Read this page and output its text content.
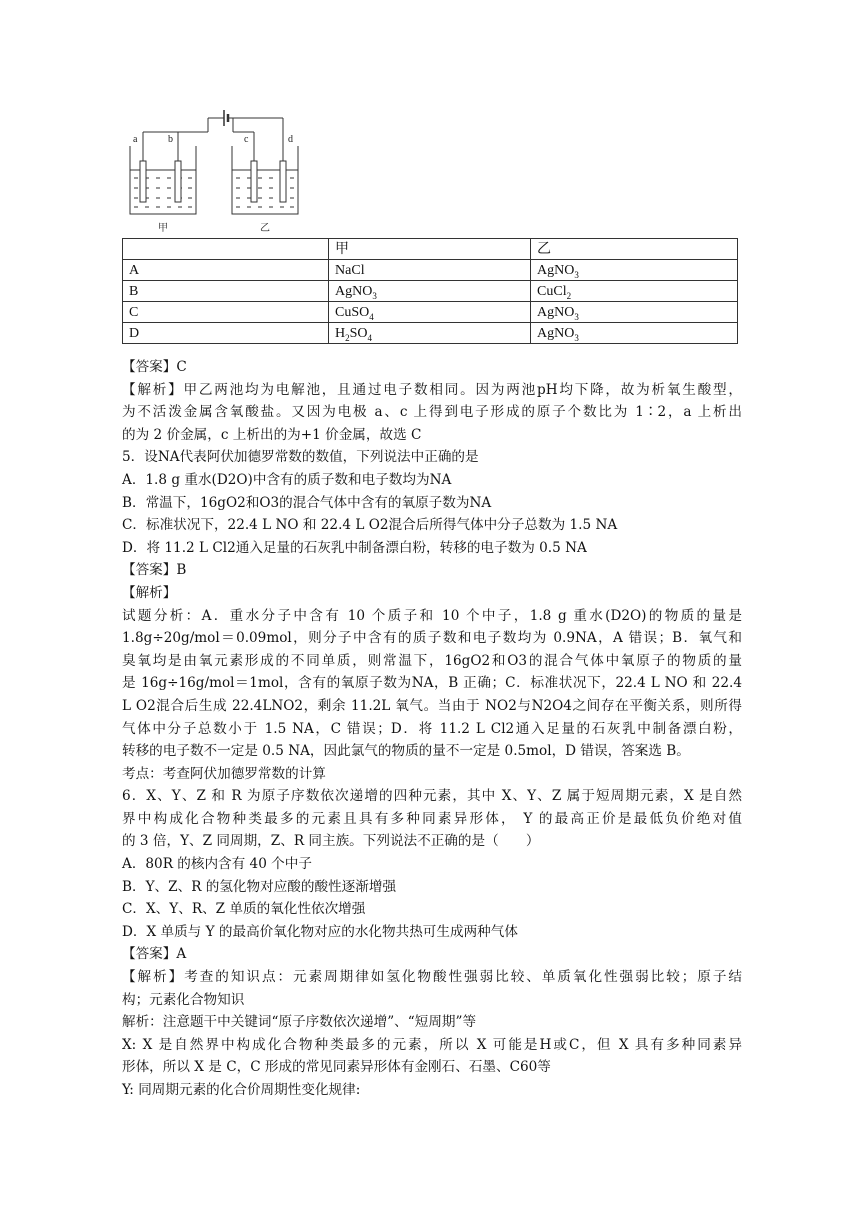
a	b	c	d
甲	乙
	甲	乙
A	NaCl	AgNO$_3$
B	AgNO$_3$	CuCl$_2$
C	CuSO$_4$	AgNO$_3$
D	$H_2SO_4$	AgNO$_3$
【答案】C
【解析】甲乙两池均为电解池，且通过电子数相同。因为两池pH均下降，故为析氧生酸型，
为不活泼金属含氧酸盐。又因为电极 a、c 上得到电子形成的原子个数比为 1∶2，a 上析出
的为 2 价金属，c 上析出的为+1 价金属，故选 C
5．设NA代表阿伏加德罗常数的数值，下列说法中正确的是
A．1.8 g 重水(D2O)中含有的质子数和电子数均为NA
B．常温下，16gO2和O3的混合气体中含有的氧原子数为NA
C．标准状况下，22.4 L NO 和 22.4 L O2混合后所得气体中分子总数为 1.5 NA
D．将 11.2 L Cl2通入足量的石灰乳中制备漂白粉，转移的电子数为 0.5 NA
【答案】B
【解析】
试题分析：A．重水分子中含有 10 个质子和 10 个中子，1.8 g 重水(D2O)的物质的量是
1.8g÷20g/mol＝0.09mol，则分子中含有的质子数和电子数均为 0.9NA，A 错误；B．氧气和
臭氧均是由氧元素形成的不同单质，则常温下，16gO2和O3的混合气体中氧原子的物质的量
是 16g÷16g/mol＝1mol，含有的氧原子数为NA，B 正确；C．标准状况下，22.4 L NO 和 22.4
L O2混合后生成 22.4LNO2，剩余 11.2L 氧气。当由于 NO2与N2O4之间存在平衡关系，则所得
气体中分子总数小于 1.5 NA，C 错误；D．将 11.2 L Cl2通入足量的石灰乳中制备漂白粉，
转移的电子数不一定是 0.5 NA，因此氯气的物质的量不一定是 0.5mol，D 错误，答案选 B。
考点：考查阿伏加德罗常数的计算
6．X、Y、Z 和 R 为原子序数依次递增的四种元素，其中 X、Y、Z 属于短周期元素，X 是自然
界中构成化合物种类最多的元素且具有多种同素异形体， Y 的最高正价是最低负价绝对值
的 3 倍，Y、Z 同周期，Z、R 同主族。下列说法不正确的是（　　）
A．80R 的核内含有 40 个中子
B．Y、Z、R 的氢化物对应酸的酸性逐渐增强
C．X、Y、R、Z 单质的氧化性依次增强
D．X 单质与 Y 的最高价氧化物对应的水化物共热可生成两种气体
【答案】A
【解析】考查的知识点：元素周期律如氢化物酸性强弱比较、单质氧化性强弱比较；原子结
构；元素化合物知识
解析：注意题干中关键词“原子序数依次递增”、“短周期”等
X: X 是自然界中构成化合物种类最多的元素，所以 X 可能是H或C，但 X 具有多种同素异
形体，所以 X 是 C，C 形成的常见同素异形体有金刚石、石墨、C60等
Y: 同周期元素的化合价周期性变化规律:
